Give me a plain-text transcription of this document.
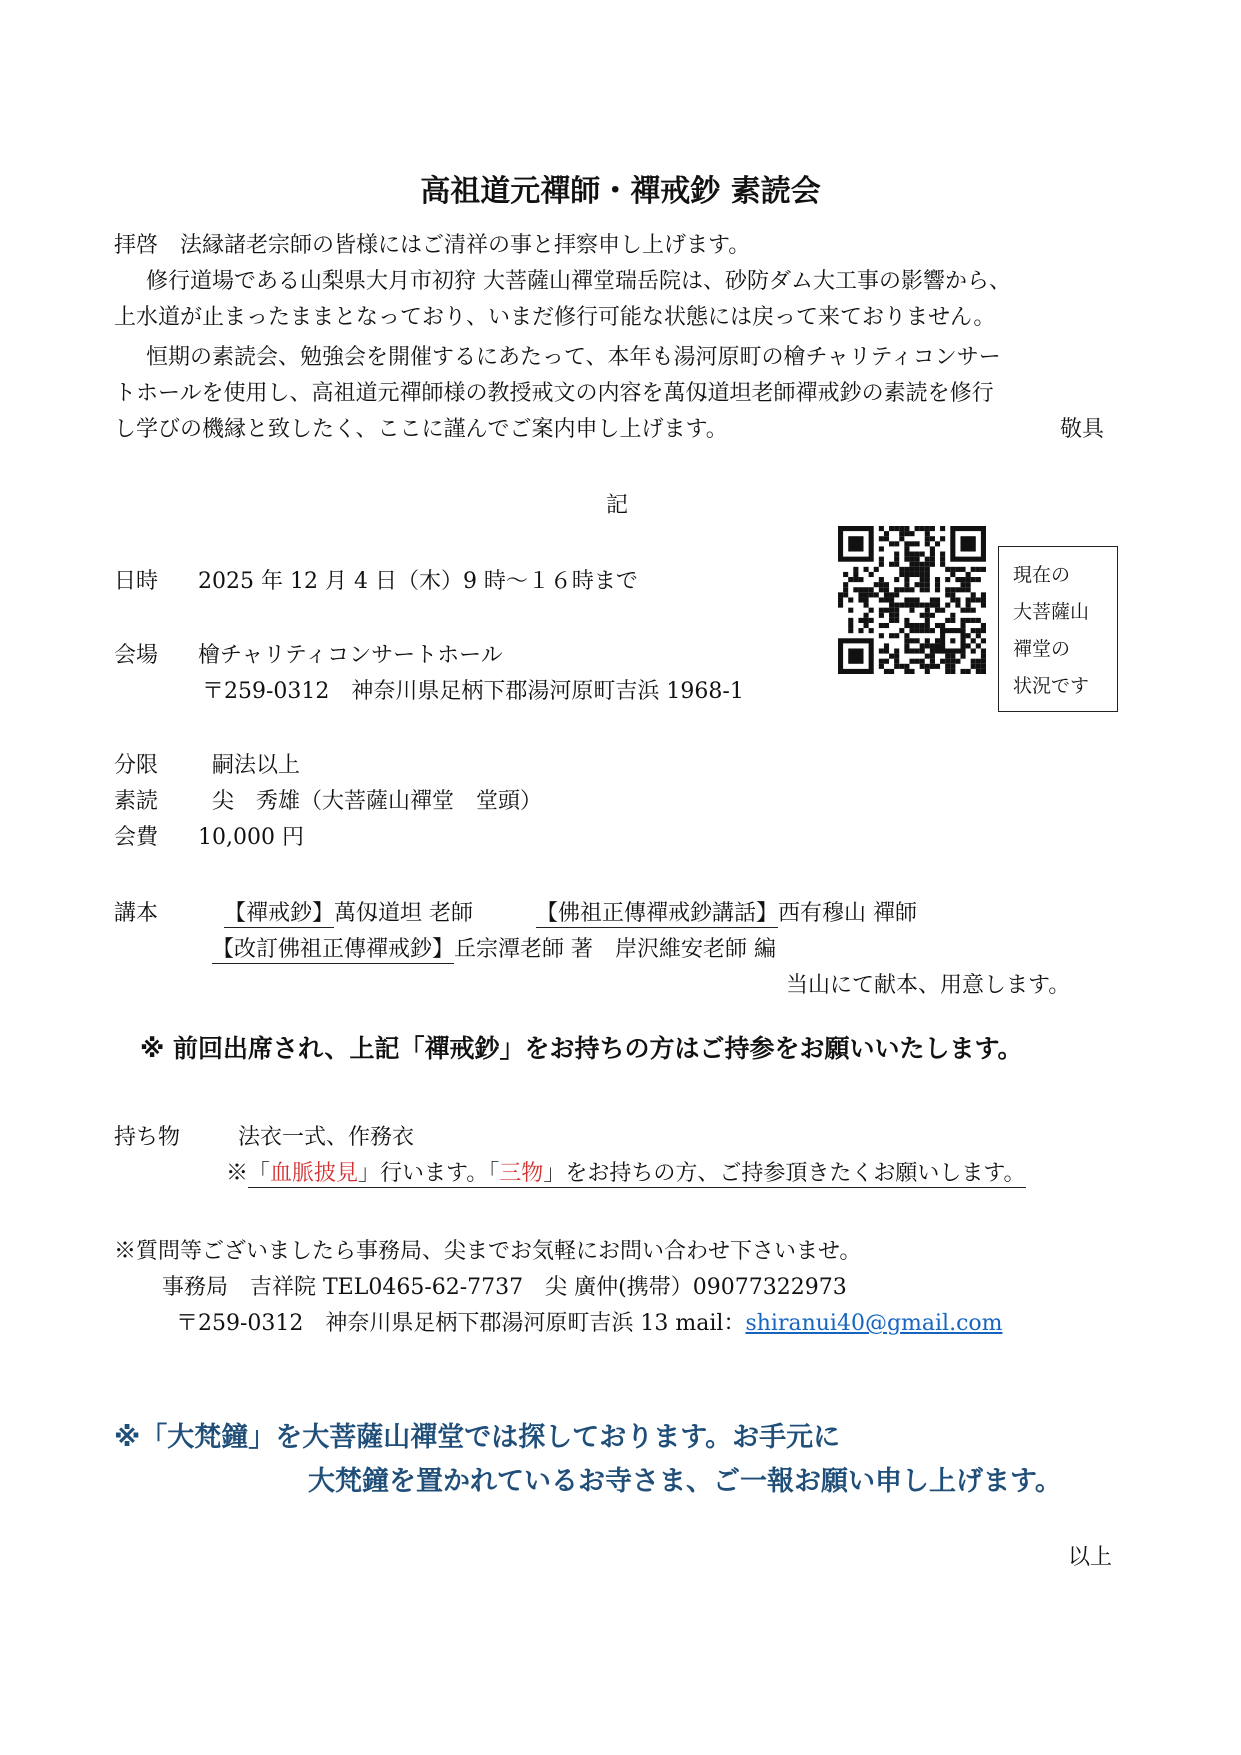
高祖道元禪師・禪戒鈔 素読会
拝啓　法縁諸老宗師の皆様にはご清祥の事と拝察申し上げます。
修行道場である山梨県大月市初狩 大菩薩山禪堂瑞岳院は、砂防ダム大工事の影響から、
上水道が止まったままとなっており、いまだ修行可能な状態には戻って来ておりません。
恒期の素読会、勉強会を開催するにあたって、本年も湯河原町の檜チャリティコンサー
トホールを使用し、高祖道元禪師様の教授戒文の内容を萬仭道坦老師禪戒鈔の素読を修行
し学びの機縁と致したく、ここに謹んでご案内申し上げます。	敬具
記
日時 2025 年 12 月 4 日（木）9 時～１６時まで	現在の
大菩薩山
禪堂の
状況です
会場 檜チャリティコンサートホール
〒259-0312　神奈川県足柄下郡湯河原町吉浜 1968-1
分限 嗣法以上
素読 尖　秀雄（大菩薩山禪堂　堂頭）
会費 10,000 円
講本	【禪戒鈔】萬仭道坦 老師	【佛祖正傳禪戒鈔講話】西有穆山 禪師
【改訂佛祖正傳禪戒鈔】丘宗潭老師 著　岸沢維安老師 編
当山にて献本、用意します。
※ 前回出席され、上記「禪戒鈔」をお持ちの方はご持参をお願いいたします。
持ち物	法衣一式、作務衣
※「血脈披見」行います。「三物」をお持ちの方、ご持参頂きたくお願いします。
※質問等ございましたら事務局、尖までお気軽にお問い合わせ下さいませ。
事務局　吉祥院 TEL0465-62-7737　尖 廣仲(携帯）09077322973
〒259-0312　神奈川県足柄下郡湯河原町吉浜 13 mail：shiranui40@gmail.com
※「大梵鐘」を大菩薩山禪堂では探しております。お手元に
大梵鐘を置かれているお寺さま、ご一報お願い申し上げます。
以上
